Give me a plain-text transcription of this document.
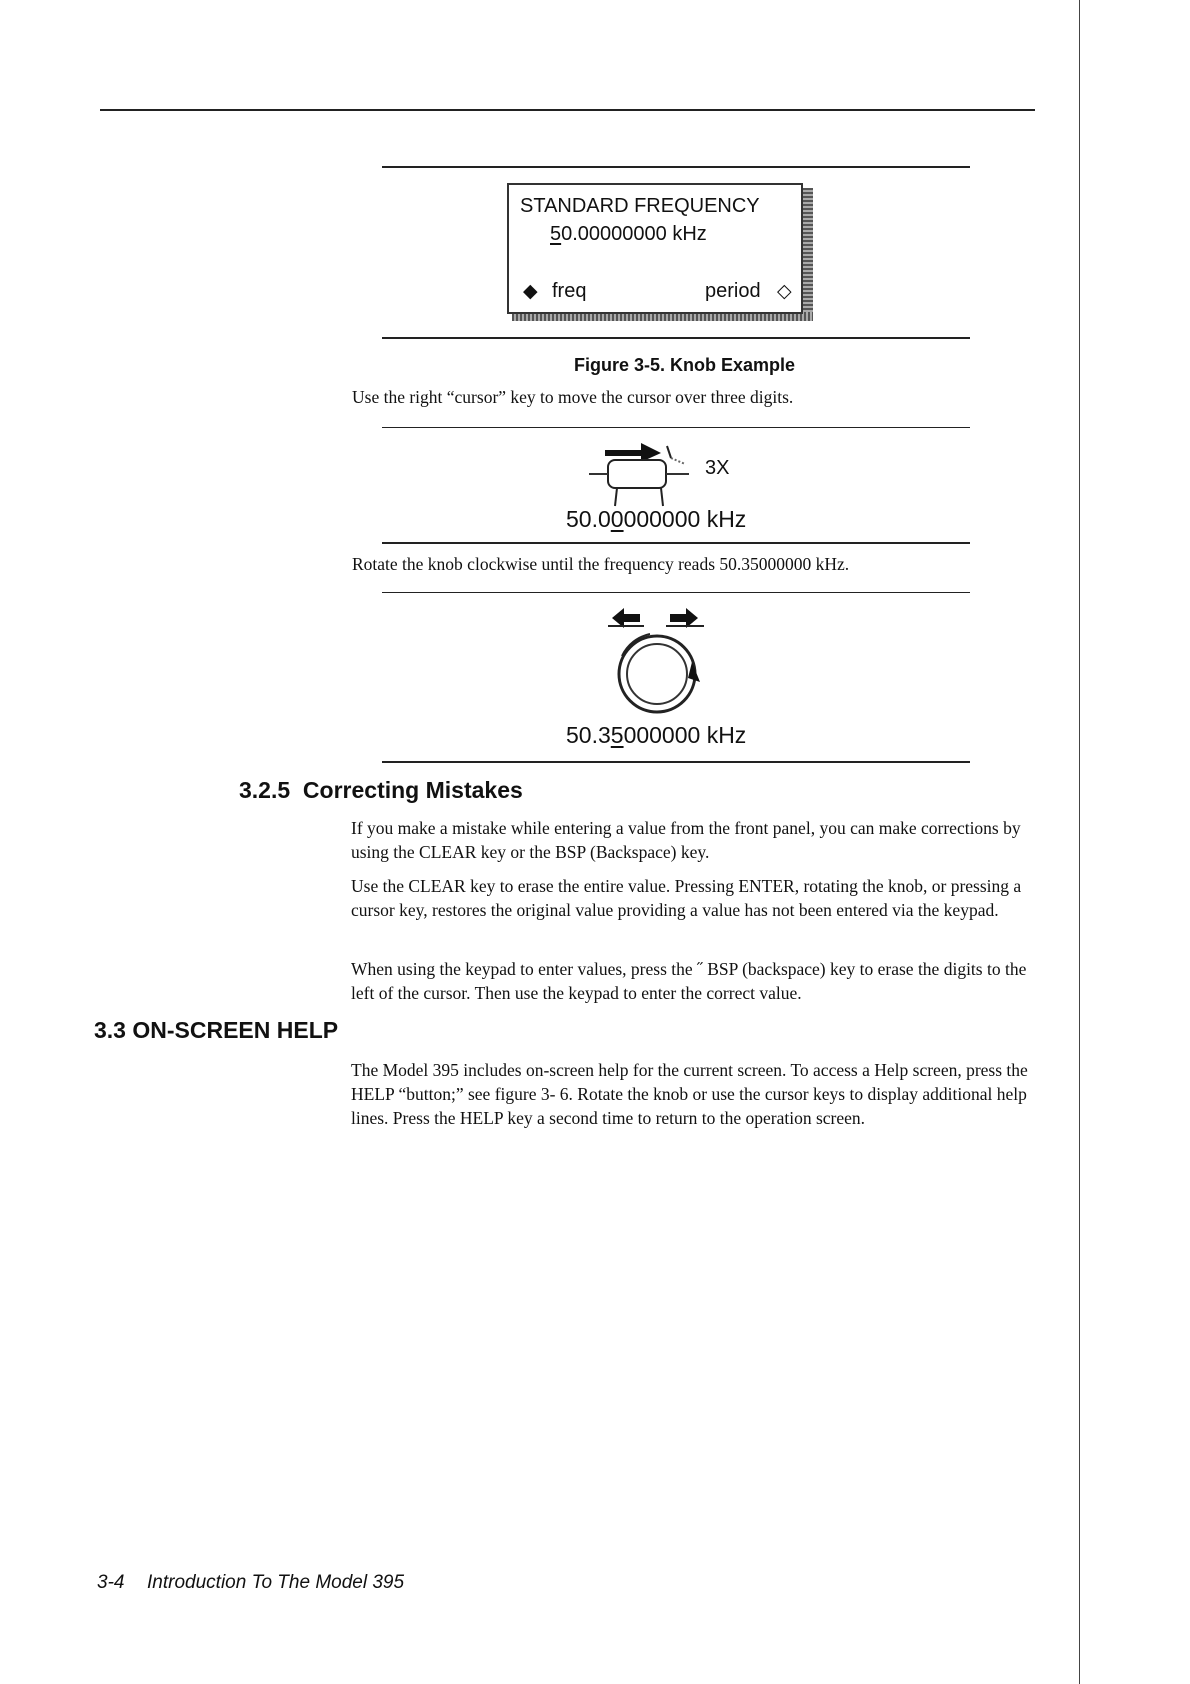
STANDARD FREQUENCY
50.00000000 kHz
◆ freq	period ◇
Figure 3-5. Knob Example
Use the right “cursor” key to move the cursor over three digits.
3X
50.00000000 kHz
Rotate the knob clockwise until the frequency reads 50.35000000 kHz.
50.35000000 kHz
3.2.5  Correcting Mistakes
If you make a mistake while entering a value from the front panel, you can make corrections by using the CLEAR key or the BSP (Backspace) key.
Use the CLEAR key to erase the entire value. Pressing ENTER, rotating the knob, or pressing a cursor key, restores the original value providing a value has not been entered via the keypad.
When using the keypad to enter values, press the ˝ BSP (backspace) key to erase the digits to the left of the cursor. Then use the keypad to enter the correct value.
3.3 ON-SCREEN HELP
The Model 395 includes on-screen help for the current screen. To access a Help screen, press the HELP “button;” see figure 3- 6. Rotate the knob or use the cursor keys to display additional help lines. Press the HELP key a second time to return to the operation screen.
3-4 Introduction To The Model 395
